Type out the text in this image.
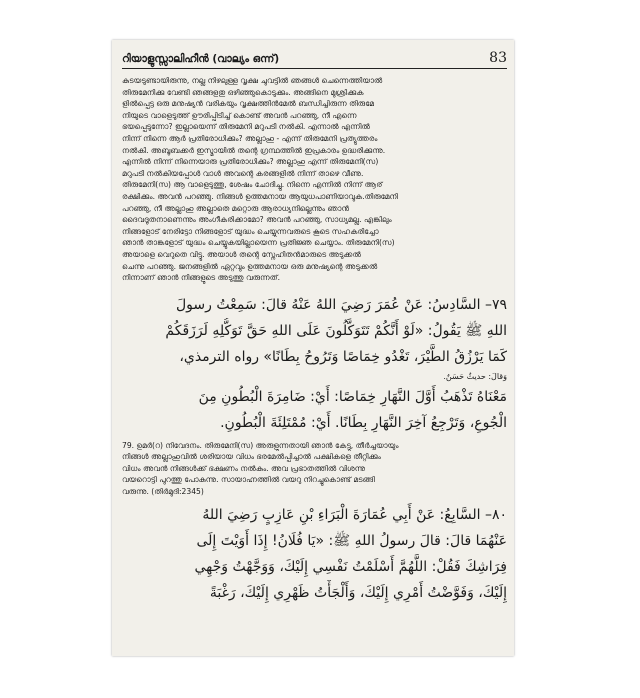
റിയാളുസ്സാലിഹീൻ (വാല്യം ഒന്ന്)	83

കുടയടുണ്ടായിരുന്നു, നല്ല നിഴലുള്ള വൃക്ഷ ചുവട്ടിൽ ഞങ്ങൾ ചെന്നെത്തിയാൽ
തിരുമേനിക്കു വേണ്ടി ഞങ്ങളതു ഒഴിഞ്ഞുകൊടുക്കും. അങ്ങിനെ മുശ്രിക്കുക
ളിൽപ്പെട്ട ഒരു മനുഷ്യൻ വരികയും വൃക്ഷത്തിൻമേൽ ബന്ധിച്ചിരുന്ന തിരുമേ
നിയുടെ വാളെടുത്ത് ഊരിപ്പിടിച്ച് കൊണ്ട് അവൻ പറഞ്ഞു, നീ എന്നെ
ഭയപ്പെടുന്നോ? ഇല്ലായെന്ന് തിരുമേനി മറുപടി നൽകി. എന്നാൽ എന്നിൽ
നിന്ന് നിന്നെ ആർ പ്രതിരോധിക്കും? അല്ലാഹു - എന്ന് തിരുമേനി പ്രത്യുത്തരം
നൽകി. അബൂബക്കർ ഇസ്മായിൽ തന്റെ ഗ്രന്ഥത്തിൽ ഇപ്രകാരം ഉദ്ധരിക്കുന്നു.
എന്നിൽ നിന്ന് നിന്നെയാരു പ്രതിരോധിക്കും? അല്ലാഹു എന്ന് തിരുമേനി(സ)
മറുപടി നൽകിയപ്പോൾ വാൾ അവന്റെ കരങ്ങളിൽ നിന്ന് താഴെ വീണു.
തിരുമേനി(സ) ആ വാളെടുത്തു, ശേഷം ചോദിച്ചു. നിന്നെ എന്നിൽ നിന്ന് ആര്
രക്ഷിക്കും. അവൻ പറഞ്ഞു. നിങ്ങൾ ഉത്തമനായ ആയുധപാണിയാവുക.തിരുമേനി
പറഞ്ഞു, നീ അല്ലാഹു അല്ലാതെ മറ്റൊരു ആരാധ്യനില്ലെന്നും ഞാൻ
ദൈവദൂതനാണെന്നും അംഗീകരിക്കാമോ? അവൻ പറഞ്ഞു, സാധ്യമല്ല. എങ്കിലും
നിങ്ങളോട് നേരിട്ടോ നിങ്ങളോട് യുദ്ധം ചെയ്യുന്നവരുടെ കൂടെ സഹകരിച്ചോ
ഞാൻ താങ്കളോട് യുദ്ധം ചെയ്യുകയില്ലായെന്ന പ്രതിജ്ഞ ചെയ്യാം. തിരുമേനി(സ)
അയാളെ വെറുതെ വിട്ടു. അയാൾ തന്റെ സ്നേഹിതൻമാരുടെ അടുക്കൽ
ചെന്നു പറഞ്ഞു. ജനങ്ങളിൽ ഏറ്റവും ഉത്തമനായ ഒരു മനുഷ്യന്റെ അടുക്കൽ
നിന്നാണ് ഞാൻ നിങ്ങളുടെ അടുത്തു വരുന്നത്.

٧٩– السَّادِسُ: عَنْ عُمَرَ رَضِيَ اللهُ عَنْهُ قالَ: سَمِعْتُ رسولَ
اللهِ ﷺ يَقُولُ: «لَوْ أَنَّكُمْ تَتَوَكَّلُونَ عَلَى اللهِ حَقَّ تَوَكُّلِهِ لَرَزَقَكُمْ
كَمَا يَرْزُقُ الطَّيْرَ، تَغْدُو خِمَاصًا وَتَرُوحُ بِطَانًا» رواه الترمذي،
وَقالَ: حديثٌ حَسَنٌ.
مَعْنَاهُ تَذْهَبُ أَوَّلَ النَّهَارِ خِمَاصًا: أَيْ: ضَامِرَةَ الْبُطُونِ مِنَ
الْجُوعِ، وَتَرْجِعُ آخِرَ النَّهَارِ بِطَانًا. أَيْ: مُمْتَلِئَةَ الْبُطُونِ.

79. ഉമർ(റ) നിവേദനം. തിരുമേനി(സ) അരുളുന്നതായി ഞാൻ കേട്ടു, തീർച്ചയായും
നിങ്ങൾ അല്ലാഹുവിൽ ശരിയായ വിധം ഭരമേൽപ്പിച്ചാൽ പക്ഷികളെ തീറ്റിക്കും
വിധം അവൻ നിങ്ങൾക്ക് ഭക്ഷണം നൽകും. അവ പ്രഭാതത്തിൽ വിശന്നു
വയറൊട്ടി പുറത്തു പോകുന്നു. സായാഹ്നത്തിൽ വയറു നിറച്ചുകൊണ്ട് മടങ്ങി
വരുന്നു. (തിർമുദി:2345)

٨٠– السَّابِعُ: عَنْ أَبِي عُمَارَةَ الْبَرَاءِ بْنِ عَازِبٍ رَضِيَ اللهُ
عَنْهُمَا قالَ: قالَ رسولُ اللهِ ﷺ: «يَا فُلَانُ! إِذَا أَوَيْتَ إِلَى
فِرَاشِكَ فَقُلْ: اللَّهُمَّ أَسْلَمْتُ نَفْسِي إِلَيْكَ، وَوَجَّهْتُ وَجْهِي
إِلَيْكَ، وَفَوَّضْتُ أَمْرِي إِلَيْكَ، وَأَلْجَأْتُ ظَهْرِي إِلَيْكَ، رَغْبَةً
